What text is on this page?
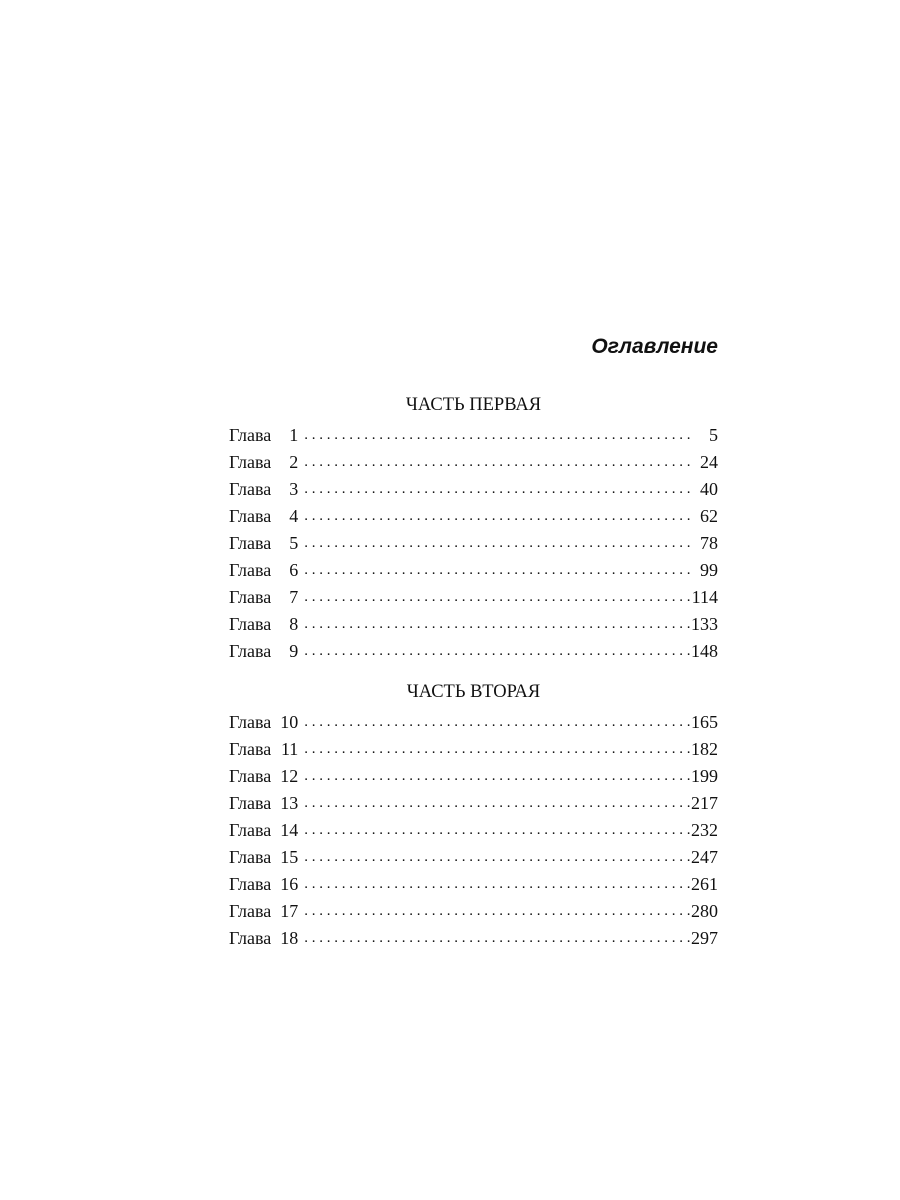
Оглавление
ЧАСТЬ ПЕРВАЯ
Глава	1 . . .	5
Глава	2 . . .	24
Глава	3 . . .	40
Глава	4 . . .	62
Глава	5 . . .	78
Глава	6 . . .	99
Глава	7 . . .	114
Глава	8 . . .	133
Глава	9 . . .	148
ЧАСТЬ ВТОРАЯ
Глава 10 . . .	165
Глава 11 . . .	182
Глава 12 . . .	199
Глава 13 . . .	217
Глава 14 . . .	232
Глава 15 . . .	247
Глава 16 . . .	261
Глава 17 . . .	280
Глава 18 . . .	297
